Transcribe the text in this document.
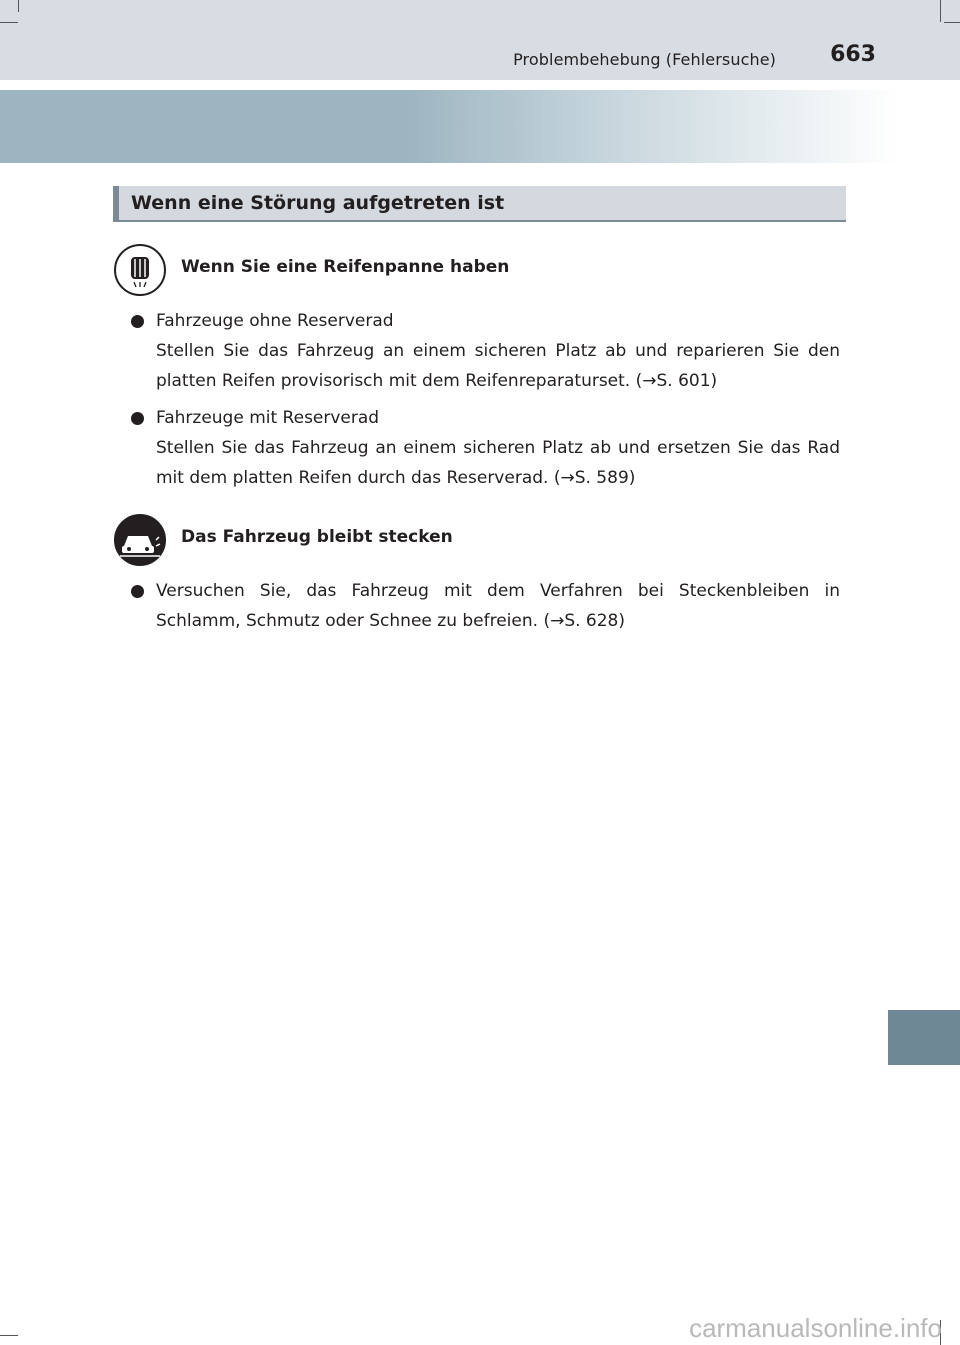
Problembehebung (Fehlersuche) 663
Wenn eine Störung aufgetreten ist
Wenn Sie eine Reifenpanne haben
Fahrzeuge ohne Reserverad
Stellen Sie das Fahrzeug an einem sicheren Platz ab und reparieren Sie den platten Reifen provisorisch mit dem Reifenreparaturset. (→S. 601)
Fahrzeuge mit Reserverad
Stellen Sie das Fahrzeug an einem sicheren Platz ab und ersetzen Sie das Rad mit dem platten Reifen durch das Reserverad. (→S. 589)
Das Fahrzeug bleibt stecken
Versuchen Sie, das Fahrzeug mit dem Verfahren bei Steckenbleiben in Schlamm, Schmutz oder Schnee zu befreien. (→S. 628)
carmanualsonline.info
